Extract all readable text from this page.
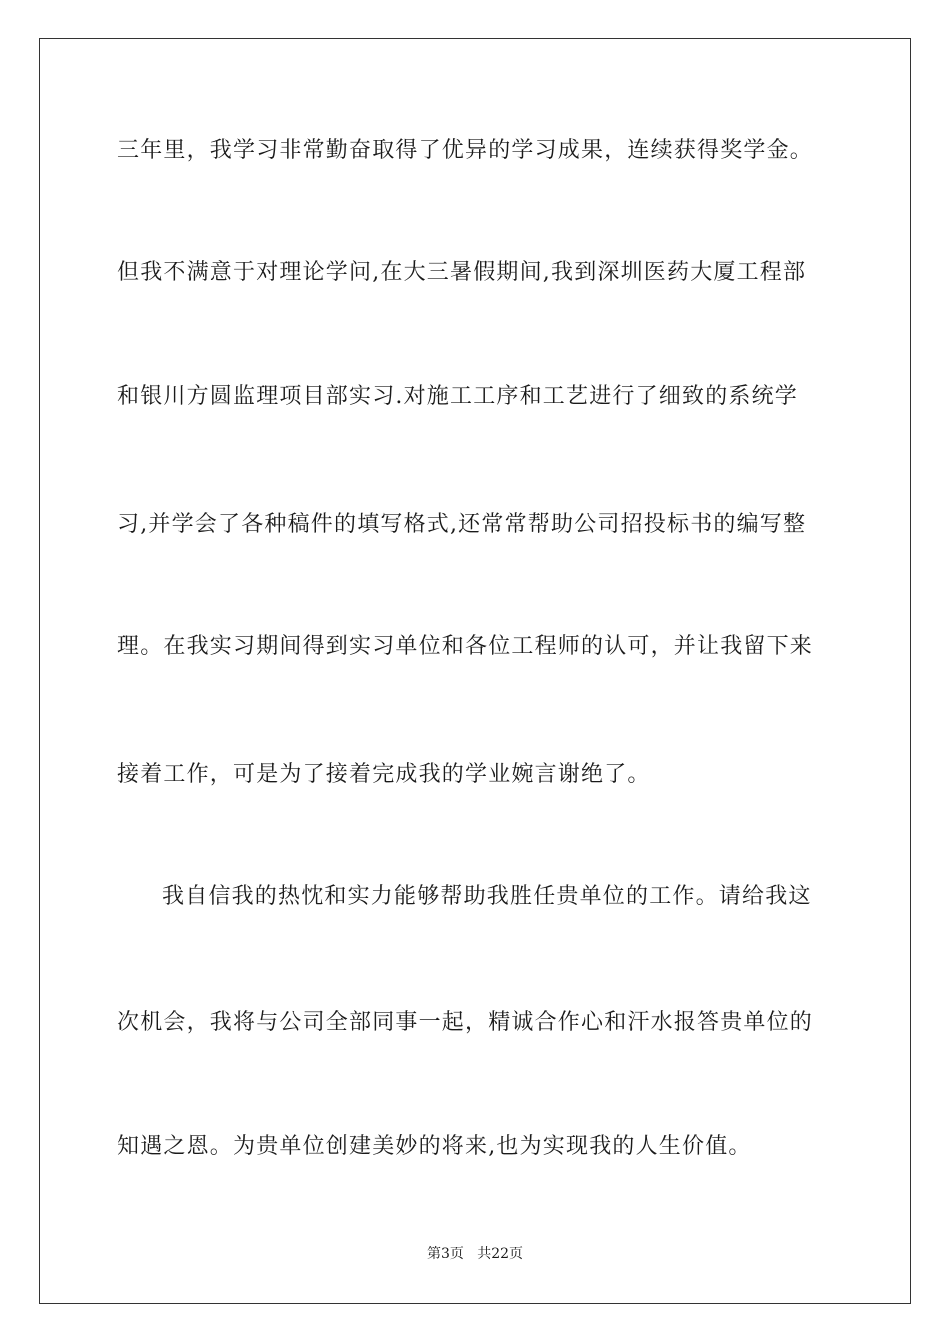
三年里，我学习非常勤奋取得了优异的学习成果，连续获得奖学金。
但我不满意于对理论学问,在大三暑假期间,我到深圳医药大厦工程部
和银川方圆监理项目部实习.对施工工序和工艺进行了细致的系统学
习,并学会了各种稿件的填写格式,还常常帮助公司招投标书的编写整
理。在我实习期间得到实习单位和各位工程师的认可，并让我留下来
接着工作，可是为了接着完成我的学业婉言谢绝了。
我自信我的热忱和实力能够帮助我胜任贵单位的工作。请给我这
次机会，我将与公司全部同事一起，精诚合作心和汗水报答贵单位的
知遇之恩。为贵单位创建美妙的将来,也为实现我的人生价值。
第3页   共22页
